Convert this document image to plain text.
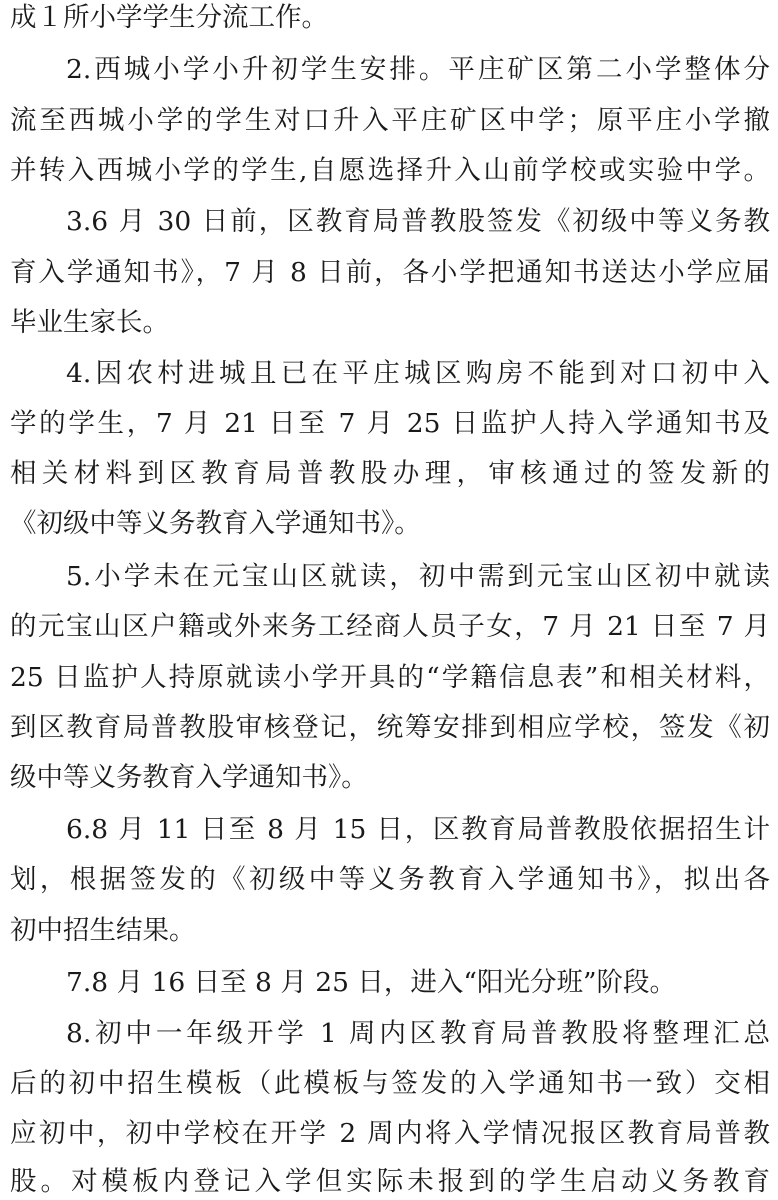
成１所小学学生分流工作。
2.西城小学小升初学生安排。平庄矿区第二小学整体分
流至西城小学的学生对口升入平庄矿区中学；原平庄小学撤
并转入西城小学的学生,自愿选择升入山前学校或实验中学。
3.6 月 30 日前，区教育局普教股签发《初级中等义务教
育入学通知书》，7 月 8 日前，各小学把通知书送达小学应届
毕业生家长。
4.因农村进城且已在平庄城区购房不能到对口初中入
学的学生，7 月 21 日至 7 月 25 日监护人持入学通知书及
相关材料到区教育局普教股办理，审核通过的签发新的
《初级中等义务教育入学通知书》。
5.小学未在元宝山区就读，初中需到元宝山区初中就读
的元宝山区户籍或外来务工经商人员子女，7 月 21 日至 7 月
25 日监护人持原就读小学开具的“学籍信息表”和相关材料，
到区教育局普教股审核登记，统筹安排到相应学校，签发《初
级中等义务教育入学通知书》。
6.8 月 11 日至 8 月 15 日，区教育局普教股依据招生计
划，根据签发的《初级中等义务教育入学通知书》，拟出各
初中招生结果。
7.8 月 16 日至 8 月 25 日，进入“阳光分班”阶段。
8.初中一年级开学 1 周内区教育局普教股将整理汇总
后的初中招生模板（此模板与签发的入学通知书一致）交相
应初中，初中学校在开学 2 周内将入学情况报区教育局普教
股。对模板内登记入学但实际未报到的学生启动义务教育
